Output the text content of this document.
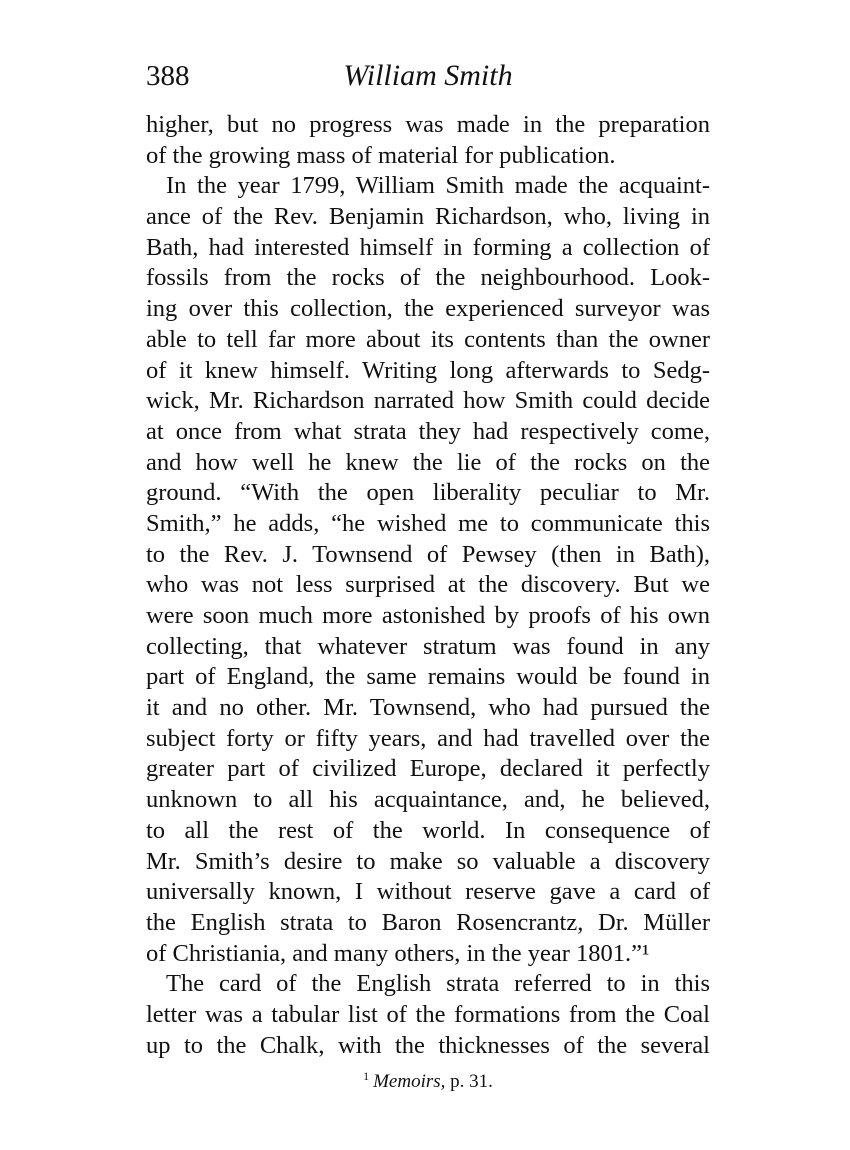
388	William Smith
higher, but no progress was made in the preparation
of the growing mass of material for publication.
In the year 1799, William Smith made the acquaint-
ance of the Rev. Benjamin Richardson, who, living in
Bath, had interested himself in forming a collection of
fossils from the rocks of the neighbourhood. Look-
ing over this collection, the experienced surveyor was
able to tell far more about its contents than the owner
of it knew himself. Writing long afterwards to Sedg-
wick, Mr. Richardson narrated how Smith could decide
at once from what strata they had respectively come,
and how well he knew the lie of the rocks on the
ground. “With the open liberality peculiar to Mr.
Smith,” he adds, “he wished me to communicate this
to the Rev. J. Townsend of Pewsey (then in Bath),
who was not less surprised at the discovery. But we
were soon much more astonished by proofs of his own
collecting, that whatever stratum was found in any
part of England, the same remains would be found in
it and no other. Mr. Townsend, who had pursued the
subject forty or fifty years, and had travelled over the
greater part of civilized Europe, declared it perfectly
unknown to all his acquaintance, and, he believed,
to all the rest of the world. In consequence of
Mr. Smith’s desire to make so valuable a discovery
universally known, I without reserve gave a card of
the English strata to Baron Rosencrantz, Dr. Müller
of Christiania, and many others, in the year 1801.”¹
The card of the English strata referred to in this
letter was a tabular list of the formations from the Coal
up to the Chalk, with the thicknesses of the several
$^1$ Memoirs, p. 31.
